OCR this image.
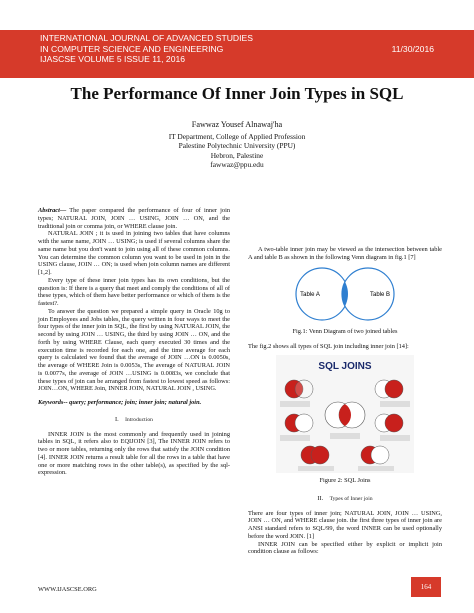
INTERNATIONAL JOURNAL OF ADVANCED STUDIES
IN COMPUTER SCIENCE AND ENGINEERING
IJASCSE VOLUME 5 ISSUE 11, 2016
11/30/2016
The Performance Of Inner Join Types in SQL
Fawwaz Yousef Alnawaj'ha
IT Department, College of Applied Profession
Palestine Polytechnic University (PPU)
Hebron, Palestine
fawwaz@ppu.edu

Abstract— The paper compared the performance of four of inner join types; NATURAL JOIN, JOIN … USING, JOIN … ON, and the traditional join or comma join, or WHERE clause join.

NATURAL JOIN ; it is used in joining two tables that have columns with the same name, JOIN … USING; is used if several columns share the same name but you don't want to join using all of these common columns. You can determine the common column you want to be used in join in the USING clause, JOIN … ON; is used when join column names are different [1,2].

Every type of these inner join types has its own conditions, but the question is: If there is a query that meet and comply the conditions of all of these types, which of them have better performance or which of them is the fastest?.

To answer the question we prepared a simple query in Oracle 10g to join Employees and Jobs tables, the query written in four ways to meet the four types of the inner join in SQL, the first by using NATURAL JOIN, the second by using JOIN … USING, the third by using JOIN … ON, and the forth by using WHERE Clause, each query executed 30 times and the execution time is recorded for each one, and the time average for each query is calculated we found that the average of JOIN …ON is 0.0050s, the average of WHERE Join is 0.0053s, The average of NATURAL JOIN is 0.0077s, the average of JOIN …USING is 0.0083s, we conclude that these types of join can be arranged from fastest to lowest speed as follows: JOIN…ON, WHERE Join, INNER JOIN, NATURAL JOIN , USING.

Keywords-- query; performance; join; inner join; natural join.

I. Introduction

INNER JOIN is the most commonly and frequently used in joining tables in SQL, it refers also to EQIJOIN [3], The INNER JOIN refers to two or more tables, returning only the rows that satisfy the JOIN condition [4]. INNER JOIN returns a result table for all the rows in a table that have one or more matching rows in the other table(s), as specified by the sql-expression.

A two-table inner join may be viewed as the intersection between table A and table B as shown in the following Venn diagram in fig.1 [7]

Table A	Table B

Fig.1: Venn Diagram of two joined tables

The fig.2 shows all types of SQL join including inner join [14]:

SQL JOINS

Figure 2: SQL Joins

II. Types of Inner join

There are four types of inner join; NATURAL JOIN, JOIN … USING, JOIN … ON, and WHERE clause join. the first three types of inner join are ANSI standard refers to SQL/99, the word INNER can be used optionally before the word JOIN. [1]

INNER JOIN can be specified either by explicit or implicit join condition clause as follows:

WWW.IJASCSE.ORG	164
